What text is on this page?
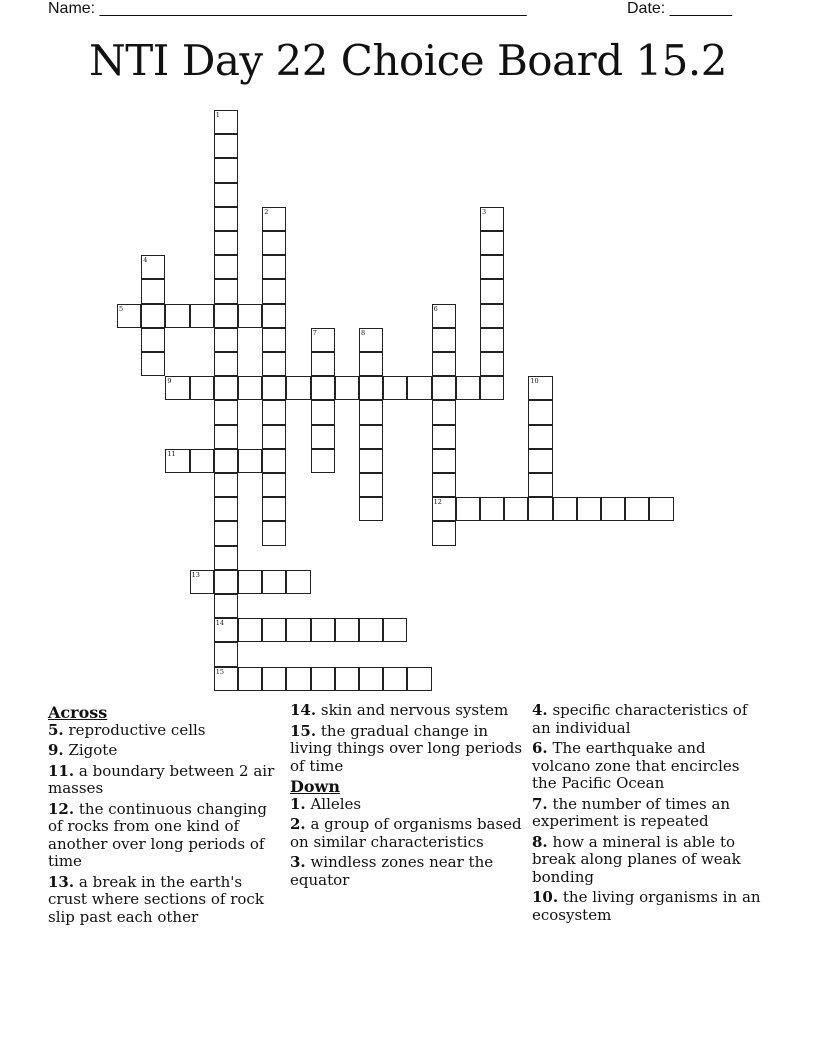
Name: ________________________________________________	Date: _______
NTI Day 22 Choice Board 15.2
1
14
15
2	3
4
5	6
12
7	8
9	10
11
13
Across
5. reproductive cells
9. Zigote
11. a boundary between 2 air masses
12. the continuous changing of rocks from one kind of another over long periods of time
13. a break in the earth's crust where sections of rock slip past each other
14. skin and nervous system
15. the gradual change in living things over long periods of time
Down
1. Alleles
2. a group of organisms based on similar characteristics
3. windless zones near the equator
4. specific characteristics of an individual
6. The earthquake and volcano zone that encircles the Pacific Ocean
7. the number of times an experiment is repeated
8. how a mineral is able to break along planes of weak bonding
10. the living organisms in an ecosystem
